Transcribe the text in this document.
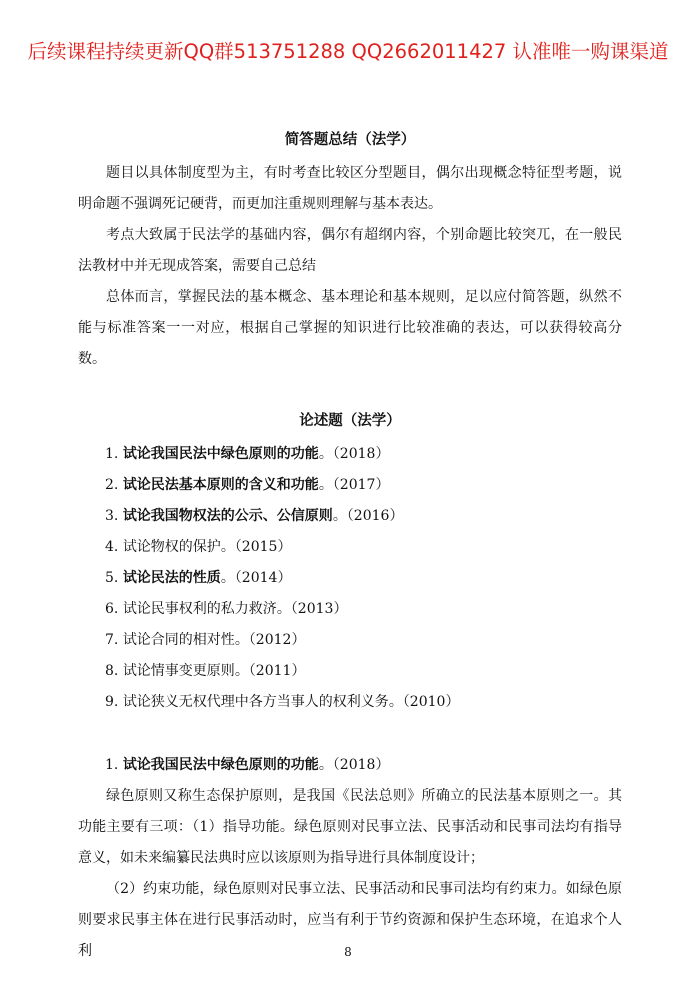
后续课程持续更新QQ群513751288 QQ2662011427 认准唯一购课渠道
简答题总结（法学）

题目以具体制度型为主，有时考查比较区分型题目，偶尔出现概念特征型考题，说明命题不强调死记硬背，而更加注重规则理解与基本表达。

考点大致属于民法学的基础内容，偶尔有超纲内容，个别命题比较突兀，在一般民法教材中并无现成答案，需要自己总结

总体而言，掌握民法的基本概念、基本理论和基本规则，足以应付简答题，纵然不能与标准答案一一对应，根据自己掌握的知识进行比较准确的表达，可以获得较高分数。

论述题（法学）
1. 试论我国民法中绿色原则的功能。（2018）
2. 试论民法基本原则的含义和功能。（2017）
3. 试论我国物权法的公示、公信原则。（2016）
4. 试论物权的保护。（2015）
5. 试论民法的性质。（2014）
6. 试论民事权利的私力救济。（2013）
7. 试论合同的相对性。（2012）
8. 试论情事变更原则。（2011）
9. 试论狭义无权代理中各方当事人的权利义务。（2010）
1. 试论我国民法中绿色原则的功能。（2018）

绿色原则又称生态保护原则，是我国《民法总则》所确立的民法基本原则之一。其功能主要有三项：（1）指导功能。绿色原则对民事立法、民事活动和民事司法均有指导意义，如未来编纂民法典时应以该原则为指导进行具体制度设计；

（2）约束功能，绿色原则对民事立法、民事活动和民事司法均有约束力。如绿色原则要求民事主体在进行民事活动时，应当有利于节约资源和保护生态环境，在追求个人利	8
